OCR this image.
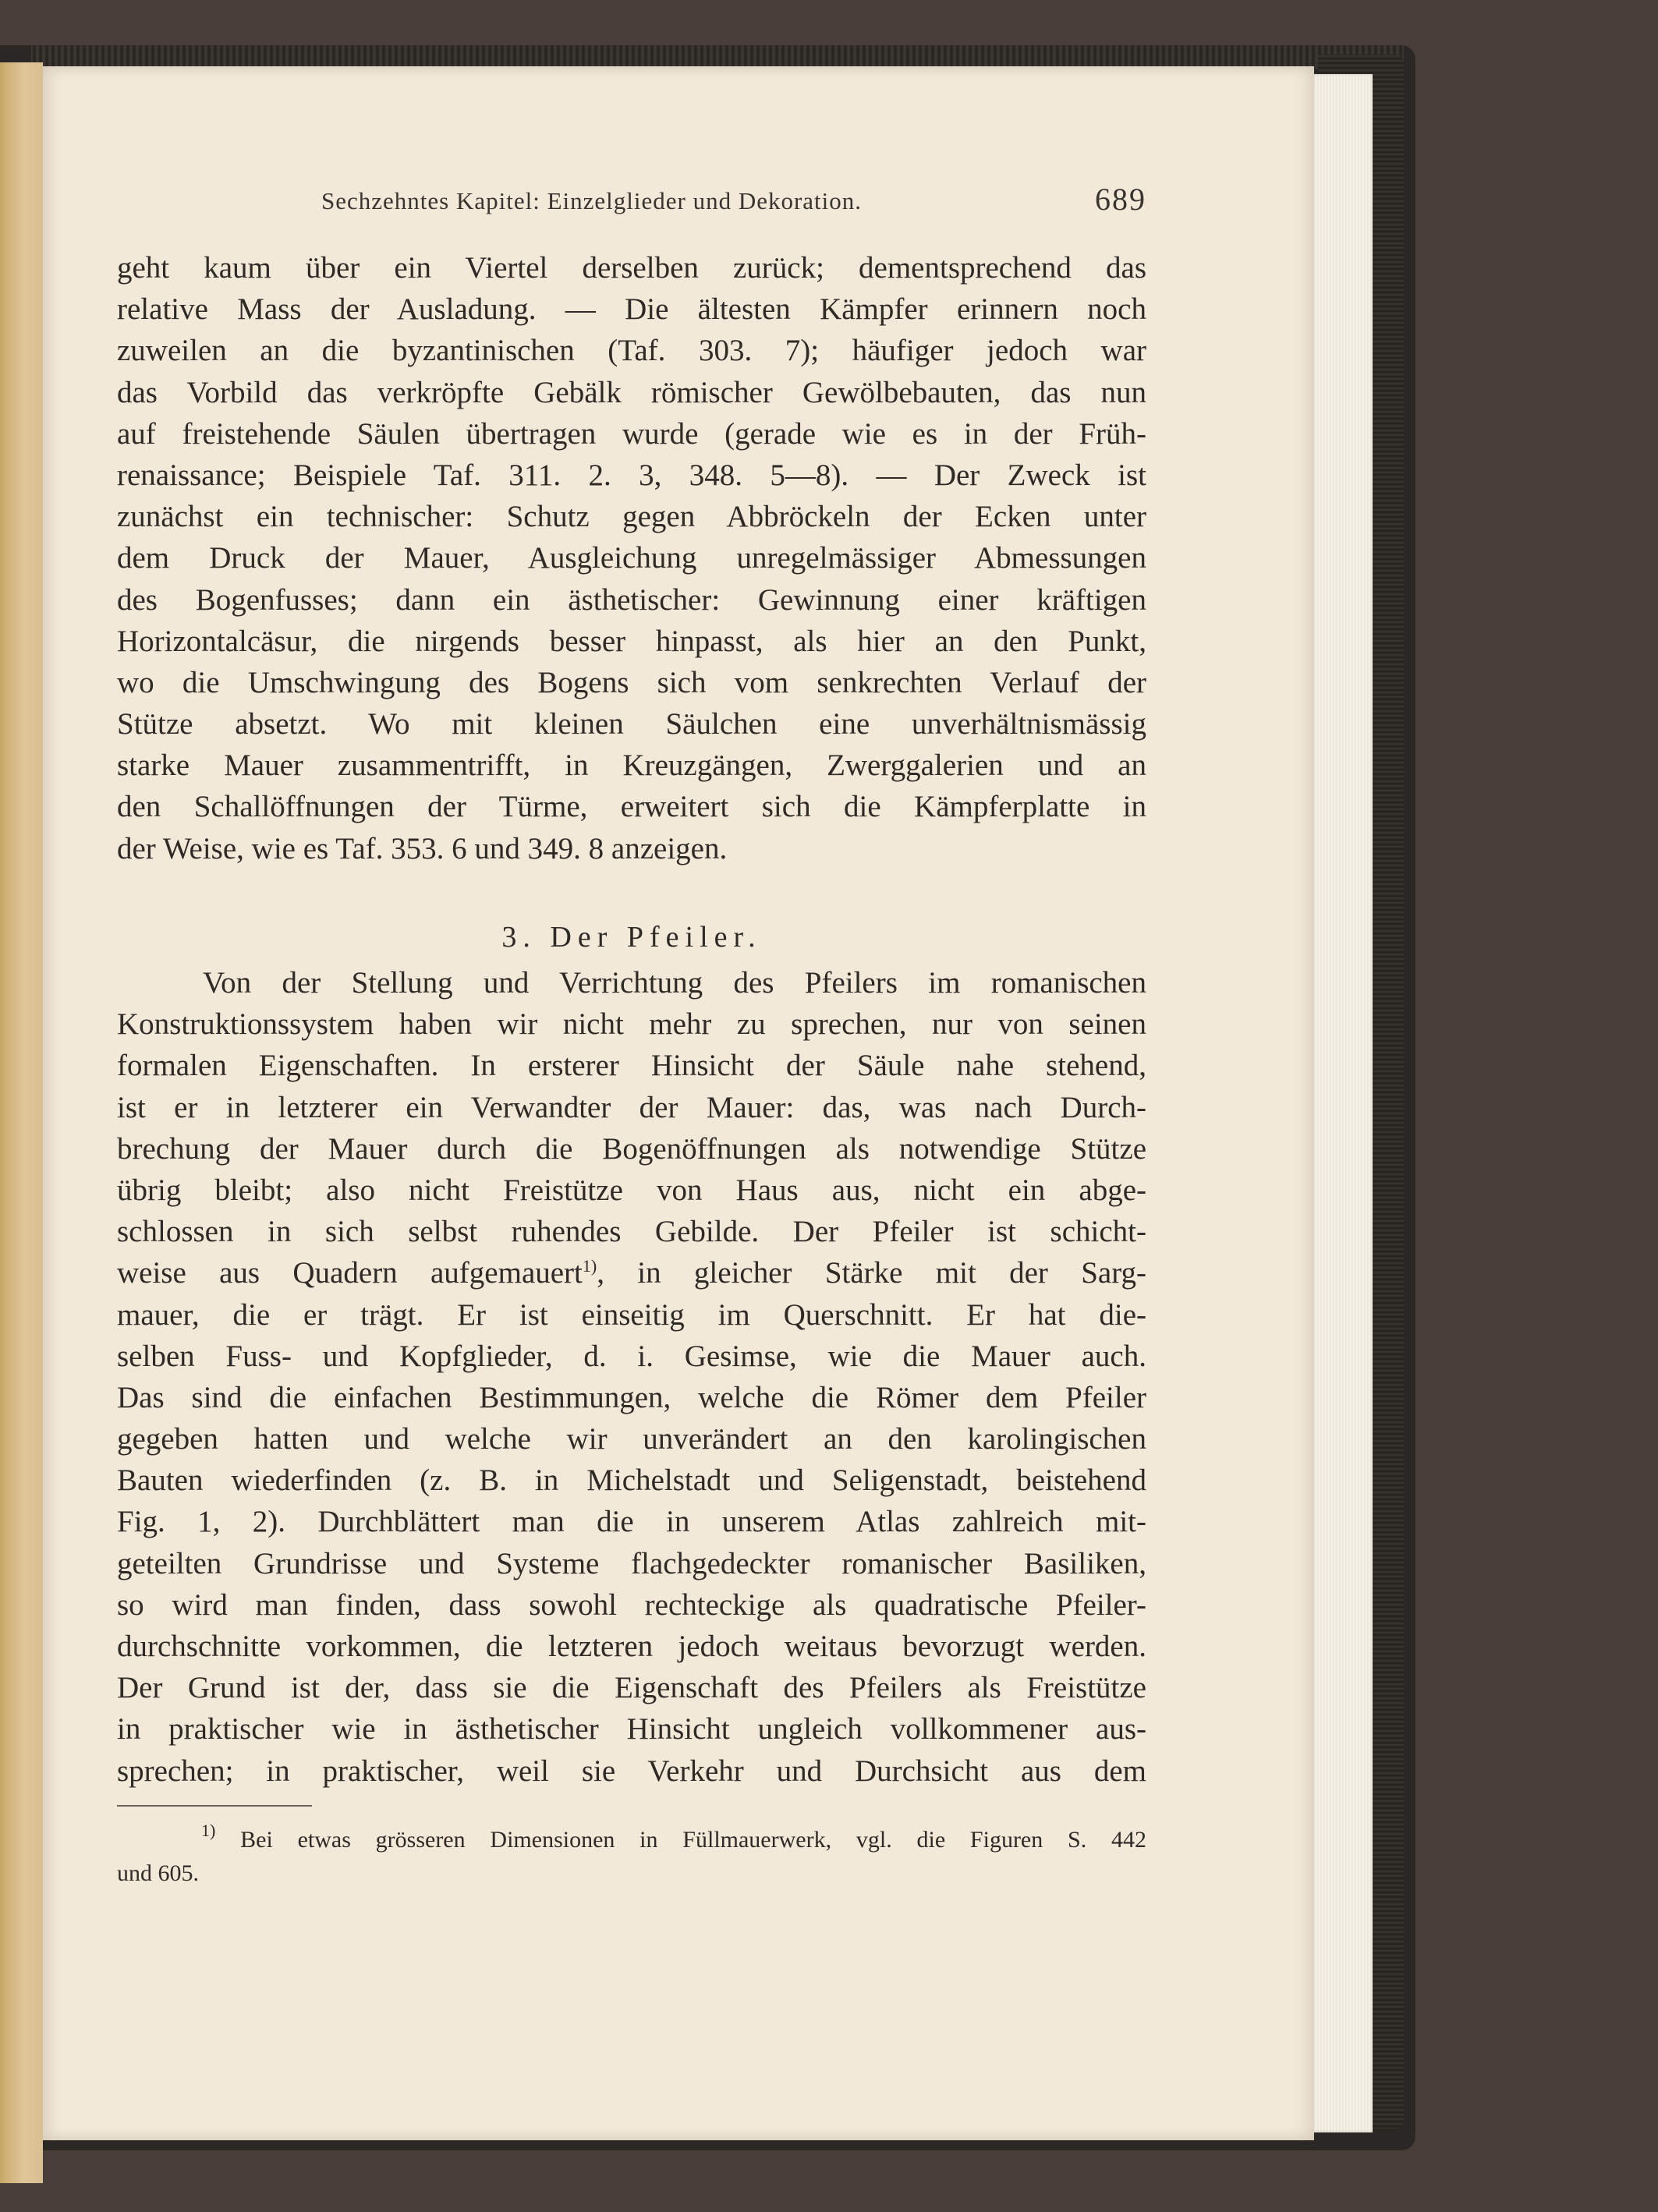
Sechzehntes Kapitel: Einzelglieder und Dekoration.	689
geht kaum über ein Viertel derselben zurück; dementsprechend das
relative Mass der Ausladung. — Die ältesten Kämpfer erinnern noch
zuweilen an die byzantinischen (Taf. 303. 7); häufiger jedoch war
das Vorbild das verkröpfte Gebälk römischer Gewölbebauten, das nun
auf freistehende Säulen übertragen wurde (gerade wie es in der Früh-
renaissance; Beispiele Taf. 311. 2. 3, 348. 5—8). — Der Zweck ist
zunächst ein technischer: Schutz gegen Abbröckeln der Ecken unter
dem Druck der Mauer, Ausgleichung unregelmässiger Abmessungen
des Bogenfusses; dann ein ästhetischer: Gewinnung einer kräftigen
Horizontalcäsur, die nirgends besser hinpasst, als hier an den Punkt,
wo die Umschwingung des Bogens sich vom senkrechten Verlauf der
Stütze absetzt. Wo mit kleinen Säulchen eine unverhältnismässig
starke Mauer zusammentrifft, in Kreuzgängen, Zwerggalerien und an
den Schallöffnungen der Türme, erweitert sich die Kämpferplatte in
der Weise, wie es Taf. 353. 6 und 349. 8 anzeigen.
3. Der Pfeiler.
Von der Stellung und Verrichtung des Pfeilers im romanischen
Konstruktionssystem haben wir nicht mehr zu sprechen, nur von seinen
formalen Eigenschaften. In ersterer Hinsicht der Säule nahe stehend,
ist er in letzterer ein Verwandter der Mauer: das, was nach Durch-
brechung der Mauer durch die Bogenöffnungen als notwendige Stütze
übrig bleibt; also nicht Freistütze von Haus aus, nicht ein abge-
schlossen in sich selbst ruhendes Gebilde. Der Pfeiler ist schicht-
weise aus Quadern aufgemauert$^{1)}$, in gleicher Stärke mit der Sarg-
mauer, die er trägt. Er ist einseitig im Querschnitt. Er hat die-
selben Fuss- und Kopfglieder, d. i. Gesimse, wie die Mauer auch.
Das sind die einfachen Bestimmungen, welche die Römer dem Pfeiler
gegeben hatten und welche wir unverändert an den karolingischen
Bauten wiederfinden (z. B. in Michelstadt und Seligenstadt, beistehend
Fig. 1, 2). Durchblättert man die in unserem Atlas zahlreich mit-
geteilten Grundrisse und Systeme flachgedeckter romanischer Basiliken,
so wird man finden, dass sowohl rechteckige als quadratische Pfeiler-
durchschnitte vorkommen, die letzteren jedoch weitaus bevorzugt werden.
Der Grund ist der, dass sie die Eigenschaft des Pfeilers als Freistütze
in praktischer wie in ästhetischer Hinsicht ungleich vollkommener aus-
sprechen; in praktischer, weil sie Verkehr und Durchsicht aus dem
$^{1)}$ Bei etwas grösseren Dimensionen in Füllmauerwerk, vgl. die Figuren S. 442
und 605.
